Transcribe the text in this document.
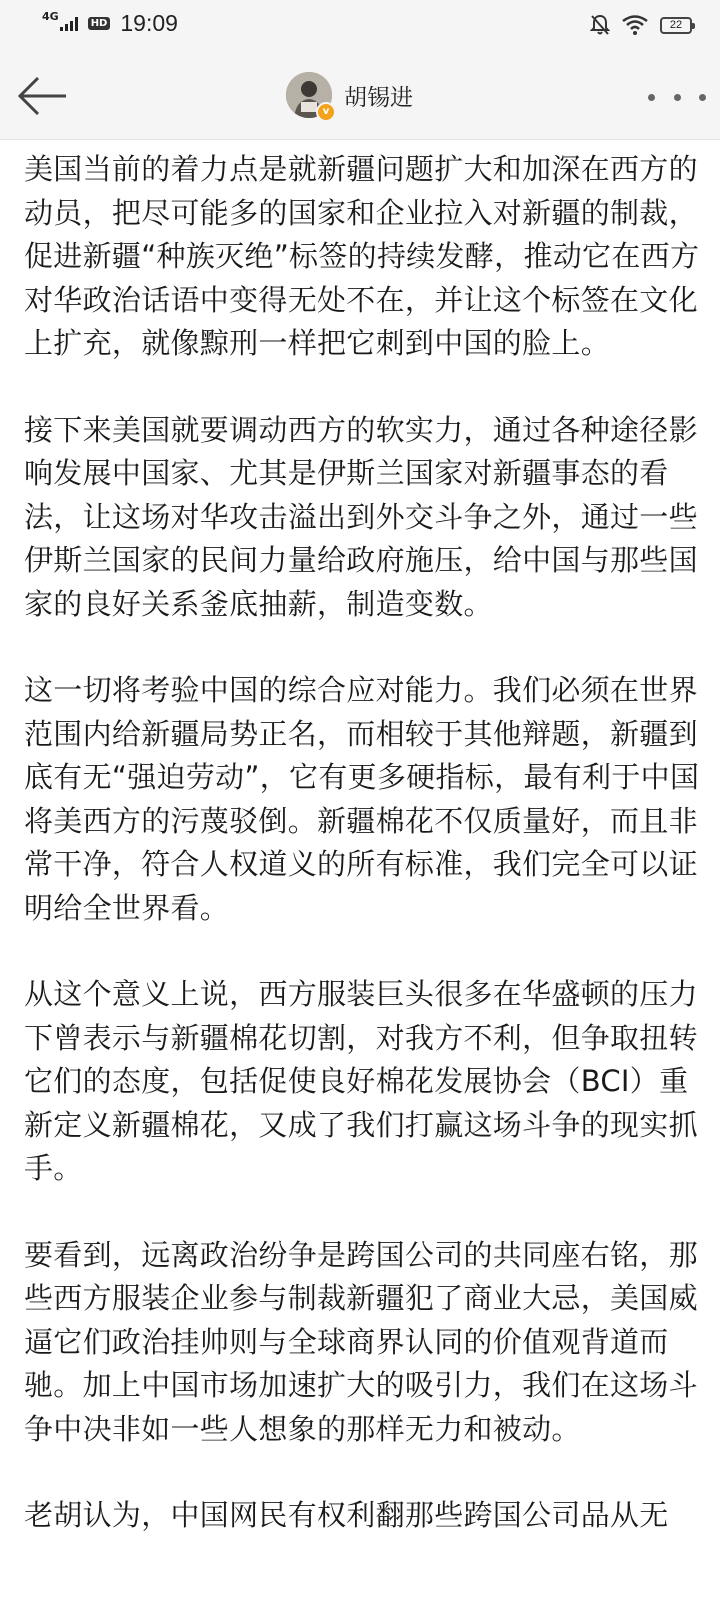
4G
HD 19:09	22
v
胡锡进

美国当前的着力点是就新疆问题扩大和加深在西方的动员，把尽可能多的国家和企业拉入对新疆的制裁，促进新疆“种族灭绝”标签的持续发酵，推动它在西方对华政治话语中变得无处不在，并让这个标签在文化上扩充，就像黥刑一样把它刺到中国的脸上。

接下来美国就要调动西方的软实力，通过各种途径影响发展中国家、尤其是伊斯兰国家对新疆事态的看法，让这场对华攻击溢出到外交斗争之外，通过一些伊斯兰国家的民间力量给政府施压，给中国与那些国家的良好关系釜底抽薪，制造变数。

这一切将考验中国的综合应对能力。我们必须在世界范围内给新疆局势正名，而相较于其他辩题，新疆到底有无“强迫劳动”，它有更多硬指标，最有利于中国将美西方的污蔑驳倒。新疆棉花不仅质量好，而且非常干净，符合人权道义的所有标准，我们完全可以证明给全世界看。

从这个意义上说，西方服装巨头很多在华盛顿的压力下曾表示与新疆棉花切割，对我方不利，但争取扭转它们的态度，包括促使良好棉花发展协会（BCI）重新定义新疆棉花，又成了我们打赢这场斗争的现实抓手。

要看到，远离政治纷争是跨国公司的共同座右铭，那些西方服装企业参与制裁新疆犯了商业大忌，美国威逼它们政治挂帅则与全球商界认同的价值观背道而驰。加上中国市场加速扩大的吸引力，我们在这场斗争中决非如一些人想象的那样无力和被动。

老胡认为，中国网民有权利翻那些跨国公司品从无
